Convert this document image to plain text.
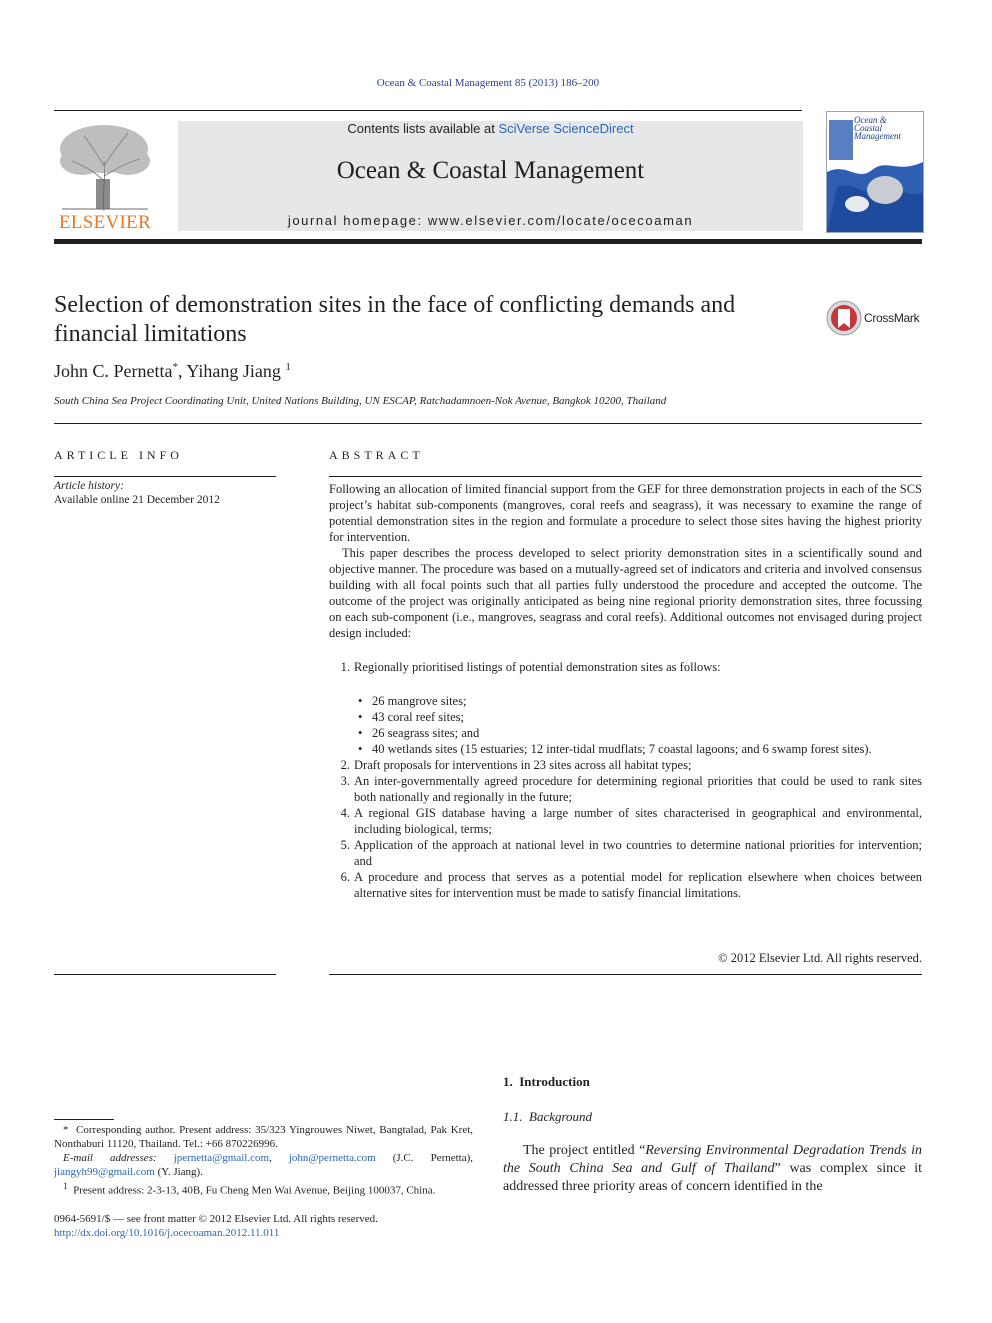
Ocean & Coastal Management 85 (2013) 186–200
ELSEVIER
Contents lists available at SciVerse ScienceDirect
Ocean & Coastal Management
journal homepage: www.elsevier.com/locate/ocecoaman
Ocean & Coastal Management
Selection of demonstration sites in the face of conflicting demands and financial limitations
CrossMark
John C. Pernetta*, Yihang Jiang $^1$
South China Sea Project Coordinating Unit, United Nations Building, UN ESCAP, Ratchadamnoen-Nok Avenue, Bangkok 10200, Thailand
ARTICLE INFO
Article history:
Available online 21 December 2012
ABSTRACT

Following an allocation of limited financial support from the GEF for three demonstration projects in each of the SCS project’s habitat sub-components (mangroves, coral reefs and seagrass), it was necessary to examine the range of potential demonstration sites in the region and formulate a procedure to select those sites having the highest priority for intervention.

This paper describes the process developed to select priority demonstration sites in a scientifically sound and objective manner. The procedure was based on a mutually-agreed set of indicators and criteria and involved consensus building with all focal points such that all parties fully understood the procedure and accepted the outcome. The outcome of the project was originally anticipated as being nine regional priority demonstration sites, three focussing on each sub-component (i.e., mangroves, seagrass and coral reefs). Additional outcomes not envisaged during project design included:

1. Regionally prioritised listings of potential demonstration sites as follows:
• 26 mangrove sites;
• 43 coral reef sites;
• 26 seagrass sites; and
• 40 wetlands sites (15 estuaries; 12 inter-tidal mudflats; 7 coastal lagoons; and 6 swamp forest sites).
2. Draft proposals for interventions in 23 sites across all habitat types;
3. An inter-governmentally agreed procedure for determining regional priorities that could be used to rank sites both nationally and regionally in the future;
4. A regional GIS database having a large number of sites characterised in geographical and environmental, including biological, terms;
5. Application of the approach at national level in two countries to determine national priorities for intervention; and
6. A procedure and process that serves as a potential model for replication elsewhere when choices between alternative sites for intervention must be made to satisfy financial limitations.
© 2012 Elsevier Ltd. All rights reserved.
1. Introduction
1.1. Background
The project entitled “Reversing Environmental Degradation Trends in the South China Sea and Gulf of Thailand” was complex since it addressed three priority areas of concern identified in the

* Corresponding author. Present address: 35/323 Yingrouwes Niwet, Bangtalad, Pak Kret, Nonthaburi 11120, Thailand. Tel.: +66 870226996.

E-mail addresses: jpernetta@gmail.com, john@pernetta.com (J.C. Pernetta), jiangyh99@gmail.com (Y. Jiang).

$^1$ Present address: 2-3-13, 40B, Fu Cheng Men Wai Avenue, Beijing 100037, China.

0964-5691/$ — see front matter © 2012 Elsevier Ltd. All rights reserved.
http://dx.doi.org/10.1016/j.ocecoaman.2012.11.011
